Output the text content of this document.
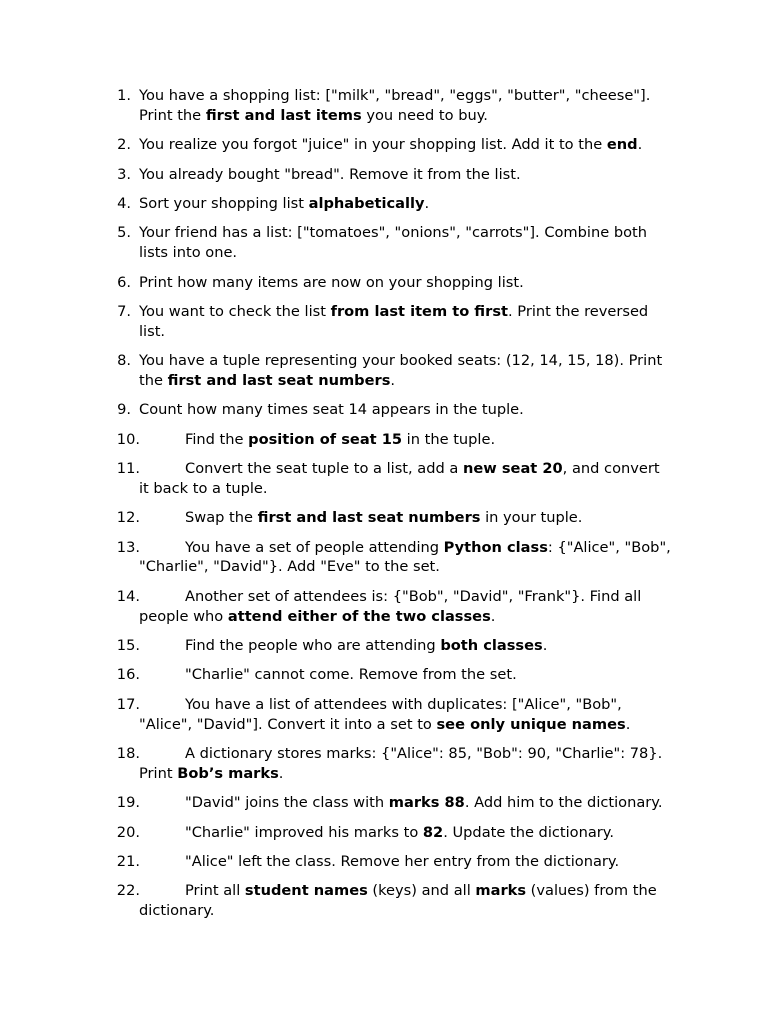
1. You have a shopping list: ["milk", "bread", "eggs", "butter", "cheese"]. Print the first and last items you need to buy.
2. You realize you forgot "juice" in your shopping list. Add it to the end.
3. You already bought "bread". Remove it from the list.
4. Sort your shopping list alphabetically.
5. Your friend has a list: ["tomatoes", "onions", "carrots"]. Combine both lists into one.
6. Print how many items are now on your shopping list.
7. You want to check the list from last item to first. Print the reversed list.
8. You have a tuple representing your booked seats: (12, 14, 15, 18). Print the first and last seat numbers.
9. Count how many times seat 14 appears in the tuple.
10.	Find the position of seat 15 in the tuple.
11.	Convert the seat tuple to a list, add a new seat 20, and convert it back to a tuple.
12.	Swap the first and last seat numbers in your tuple.
13.	You have a set of people attending Python class: {"Alice", "Bob", "Charlie", "David"}. Add "Eve" to the set.
14.	Another set of attendees is: {"Bob", "David", "Frank"}. Find all people who attend either of the two classes.
15.	Find the people who are attending both classes.
16.	"Charlie" cannot come. Remove from the set.
17.	You have a list of attendees with duplicates: ["Alice", "Bob", "Alice", "David"]. Convert it into a set to see only unique names.
18.	A dictionary stores marks: {"Alice": 85, "Bob": 90, "Charlie": 78}. Print Bob’s marks.
19.	"David" joins the class with marks 88. Add him to the dictionary.
20.	"Charlie" improved his marks to 82. Update the dictionary.
21.	"Alice" left the class. Remove her entry from the dictionary.
22.	Print all student names (keys) and all marks (values) from the dictionary.
